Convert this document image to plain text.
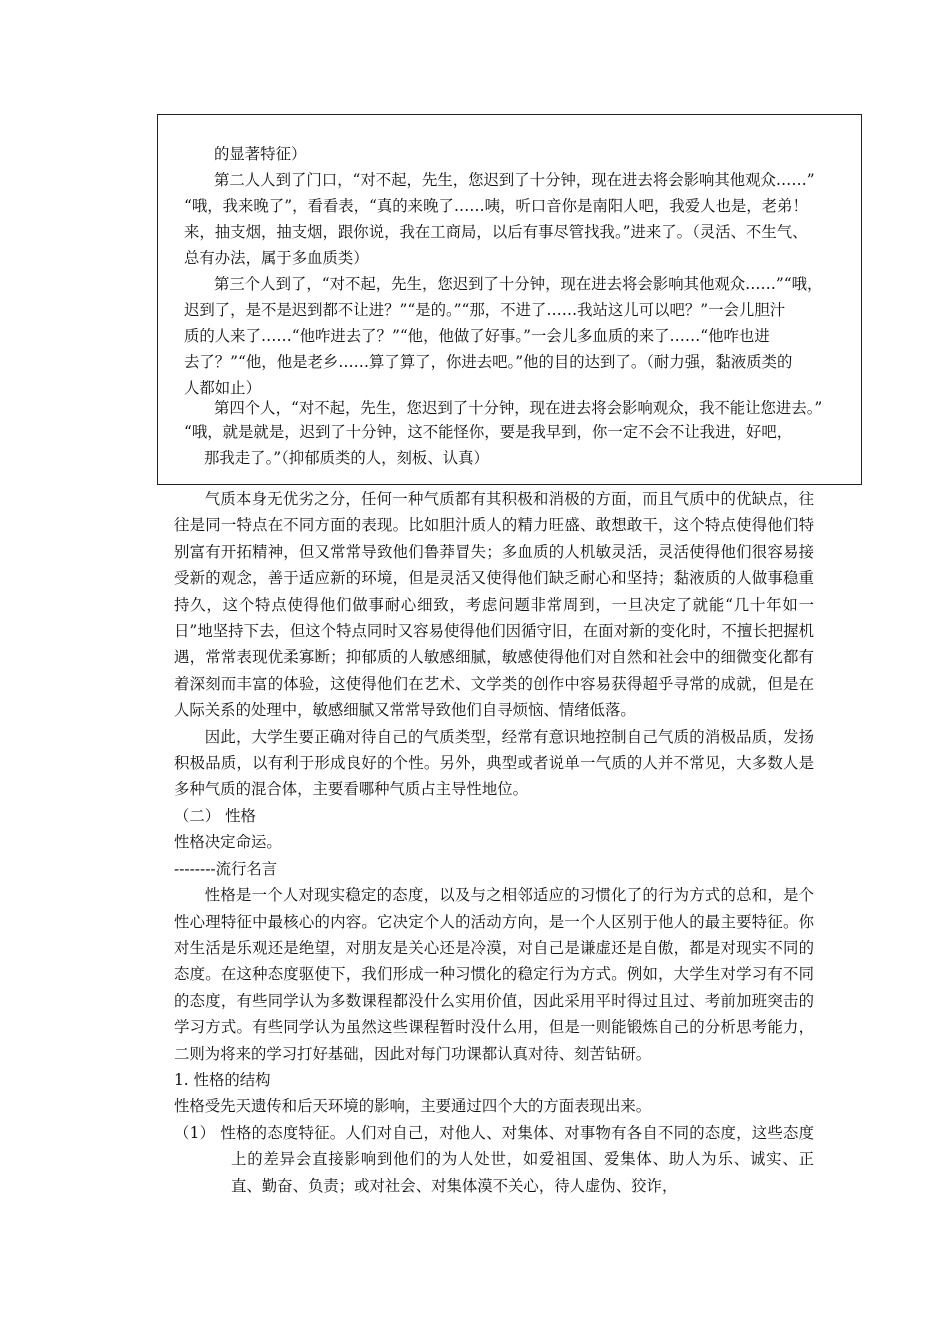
的显著特征）

第二人人到了门口，“对不起，先生，您迟到了十分钟，现在进去将会影响其他观众……”

“哦，我来晚了”，看看表，“真的来晚了……咦，听口音你是南阳人吧，我爱人也是，老弟！

来，抽支烟，抽支烟，跟你说，我在工商局，以后有事尽管找我。”进来了。（灵活、不生气、

总有办法，属于多血质类）

第三个人到了，“对不起，先生，您迟到了十分钟，现在进去将会影响其他观众……”“哦，

迟到了，是不是迟到都不让进？”“是的。”“那，不进了……我站这儿可以吧？”一会儿胆汁

质的人来了……“他咋进去了？”“他，他做了好事。”一会儿多血质的来了……“他咋也进

去了？”“他，他是老乡……算了算了，你进去吧。”他的目的达到了。（耐力强，黏液质类的

人都如止）

第四个人，“对不起，先生，您迟到了十分钟，现在进去将会影响观众，我不能让您进去。”

“哦，就是就是，迟到了十分钟，这不能怪你，要是我早到，你一定不会不让我进，好吧，

那我走了。”（抑郁质类的人，刻板、认真）

气质本身无优劣之分，任何一种气质都有其积极和消极的方面，而且气质中的优缺点，往往是同一特点在不同方面的表现。比如胆汁质人的精力旺盛、敢想敢干，这个特点使得他们特别富有开拓精神，但又常常导致他们鲁莽冒失；多血质的人机敏灵活，灵活使得他们很容易接受新的观念，善于适应新的环境，但是灵活又使得他们缺乏耐心和坚持；黏液质的人做事稳重持久，这个特点使得他们做事耐心细致，考虑问题非常周到，一旦决定了就能“几十年如一日”地坚持下去，但这个特点同时又容易使得他们因循守旧，在面对新的变化时，不擅长把握机遇，常常表现优柔寡断；抑郁质的人敏感细腻，敏感使得他们对自然和社会中的细微变化都有着深刻而丰富的体验，这使得他们在艺术、文学类的创作中容易获得超乎寻常的成就，但是在人际关系的处理中，敏感细腻又常常导致他们自寻烦恼、情绪低落。

因此，大学生要正确对待自己的气质类型，经常有意识地控制自己气质的消极品质，发扬积极品质，以有利于形成良好的个性。另外，典型或者说单一气质的人并不常见，大多数人是多种气质的混合体，主要看哪种气质占主导性地位。

（二） 性格

性格决定命运。

--------流行名言

性格是一个人对现实稳定的态度，以及与之相邻适应的习惯化了的行为方式的总和，是个性心理特征中最核心的内容。它决定个人的活动方向，是一个人区别于他人的最主要特征。你对生活是乐观还是绝望，对朋友是关心还是冷漠，对自己是谦虚还是自傲，都是对现实不同的态度。在这种态度驱使下，我们形成一种习惯化的稳定行为方式。例如，大学生对学习有不同的态度，有些同学认为多数课程都没什么实用价值，因此采用平时得过且过、考前加班突击的学习方式。有些同学认为虽然这些课程暂时没什么用，但是一则能锻炼自己的分析思考能力，二则为将来的学习打好基础，因此对每门功课都认真对待、刻苦钻研。

1. 性格的结构

性格受先天遗传和后天环境的影响，主要通过四个大的方面表现出来。

（1） 性格的态度特征。人们对自己，对他人、对集体、对事物有各自不同的态度，这些态度上的差异会直接影响到他们的为人处世，如爱祖国、爱集体、助人为乐、诚实、正直、勤奋、负责；或对社会、对集体漠不关心，待人虚伪、狡诈，
